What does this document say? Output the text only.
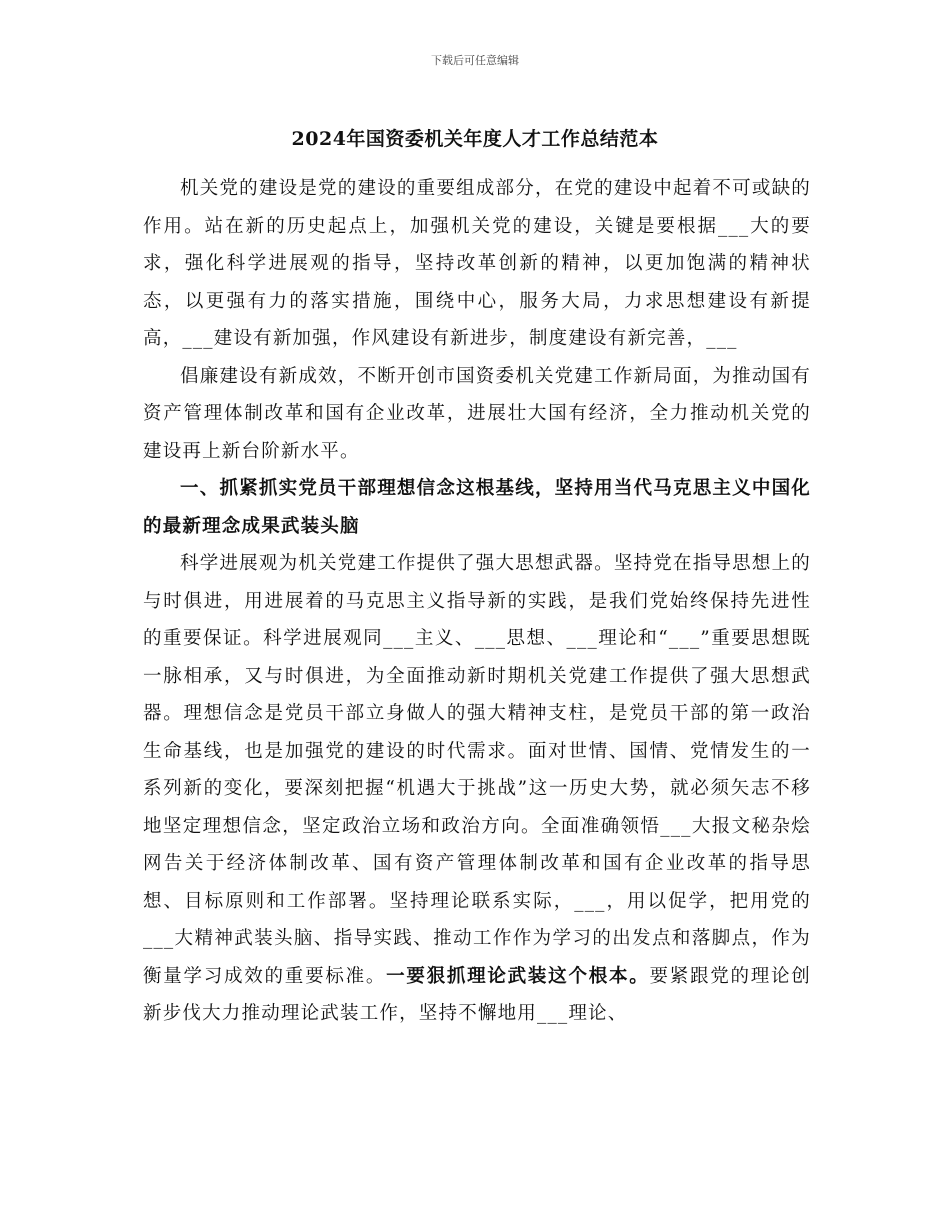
下载后可任意编辑
2024年国资委机关年度人才工作总结范本

机关党的建设是党的建设的重要组成部分，在党的建设中起着不可或缺的作用。站在新的历史起点上，加强机关党的建设，关键是要根据___大的要求，强化科学进展观的指导，坚持改革创新的精神，以更加饱满的精神状态，以更强有力的落实措施，围绕中心，服务大局，力求思想建设有新提高，___建设有新加强，作风建设有新进步，制度建设有新完善，___

倡廉建设有新成效，不断开创市国资委机关党建工作新局面，为推动国有资产管理体制改革和国有企业改革，进展壮大国有经济，全力推动机关党的建设再上新台阶新水平。

一、抓紧抓实党员干部理想信念这根基线，坚持用当代马克思主义中国化的最新理念成果武装头脑

科学进展观为机关党建工作提供了强大思想武器。坚持党在指导思想上的与时俱进，用进展着的马克思主义指导新的实践，是我们党始终保持先进性的重要保证。科学进展观同___主义、___思想、___理论和“___”重要思想既一脉相承，又与时俱进，为全面推动新时期机关党建工作提供了强大思想武器。理想信念是党员干部立身做人的强大精神支柱，是党员干部的第一政治生命基线，也是加强党的建设的时代需求。面对世情、国情、党情发生的一系列新的变化，要深刻把握“机遇大于挑战”这一历史大势，就必须矢志不移地坚定理想信念，坚定政治立场和政治方向。全面准确领悟___大报文秘杂烩网告关于经济体制改革、国有资产管理体制改革和国有企业改革的指导思想、目标原则和工作部署。坚持理论联系实际，___，用以促学，把用党的___大精神武装头脑、指导实践、推动工作作为学习的出发点和落脚点，作为衡量学习成效的重要标准。一要狠抓理论武装这个根本。要紧跟党的理论创新步伐大力推动理论武装工作，坚持不懈地用___理论、
